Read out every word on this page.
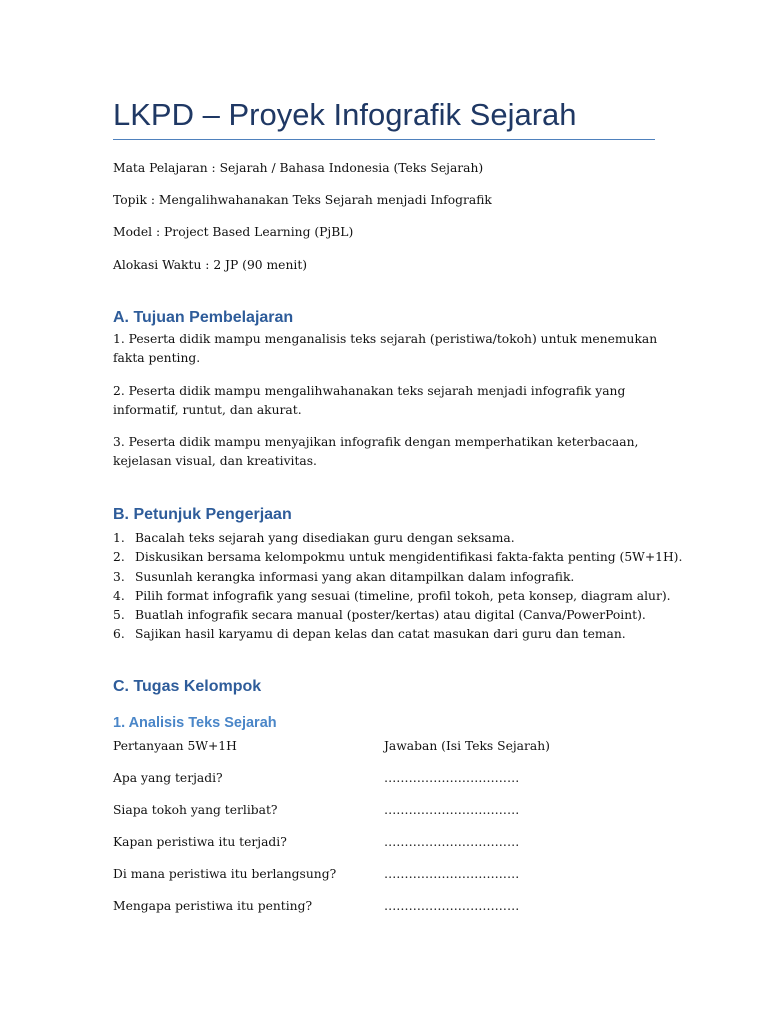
LKPD – Proyek Infografik Sejarah
Mata Pelajaran : Sejarah / Bahasa Indonesia (Teks Sejarah)
Topik : Mengalihwahanakan Teks Sejarah menjadi Infografik
Model : Project Based Learning (PjBL)
Alokasi Waktu : 2 JP (90 menit)
A. Tujuan Pembelajaran
1. Peserta didik mampu menganalisis teks sejarah (peristiwa/tokoh) untuk menemukan fakta penting.
2. Peserta didik mampu mengalihwahanakan teks sejarah menjadi infografik yang informatif, runtut, dan akurat.
3. Peserta didik mampu menyajikan infografik dengan memperhatikan keterbacaan, kejelasan visual, dan kreativitas.
B. Petunjuk Pengerjaan
1. Bacalah teks sejarah yang disediakan guru dengan seksama.
2. Diskusikan bersama kelompokmu untuk mengidentifikasi fakta-fakta penting (5W+1H).
3. Susunlah kerangka informasi yang akan ditampilkan dalam infografik.
4. Pilih format infografik yang sesuai (timeline, profil tokoh, peta konsep, diagram alur).
5. Buatlah infografik secara manual (poster/kertas) atau digital (Canva/PowerPoint).
6. Sajikan hasil karyamu di depan kelas dan catat masukan dari guru dan teman.
C. Tugas Kelompok
1. Analisis Teks Sejarah
Pertanyaan 5W+1H	Jawaban (Isi Teks Sejarah)
Apa yang terjadi?	……………………………
Siapa tokoh yang terlibat?	……………………………
Kapan peristiwa itu terjadi?	……………………………
Di mana peristiwa itu berlangsung?	……………………………
Mengapa peristiwa itu penting?	……………………………
